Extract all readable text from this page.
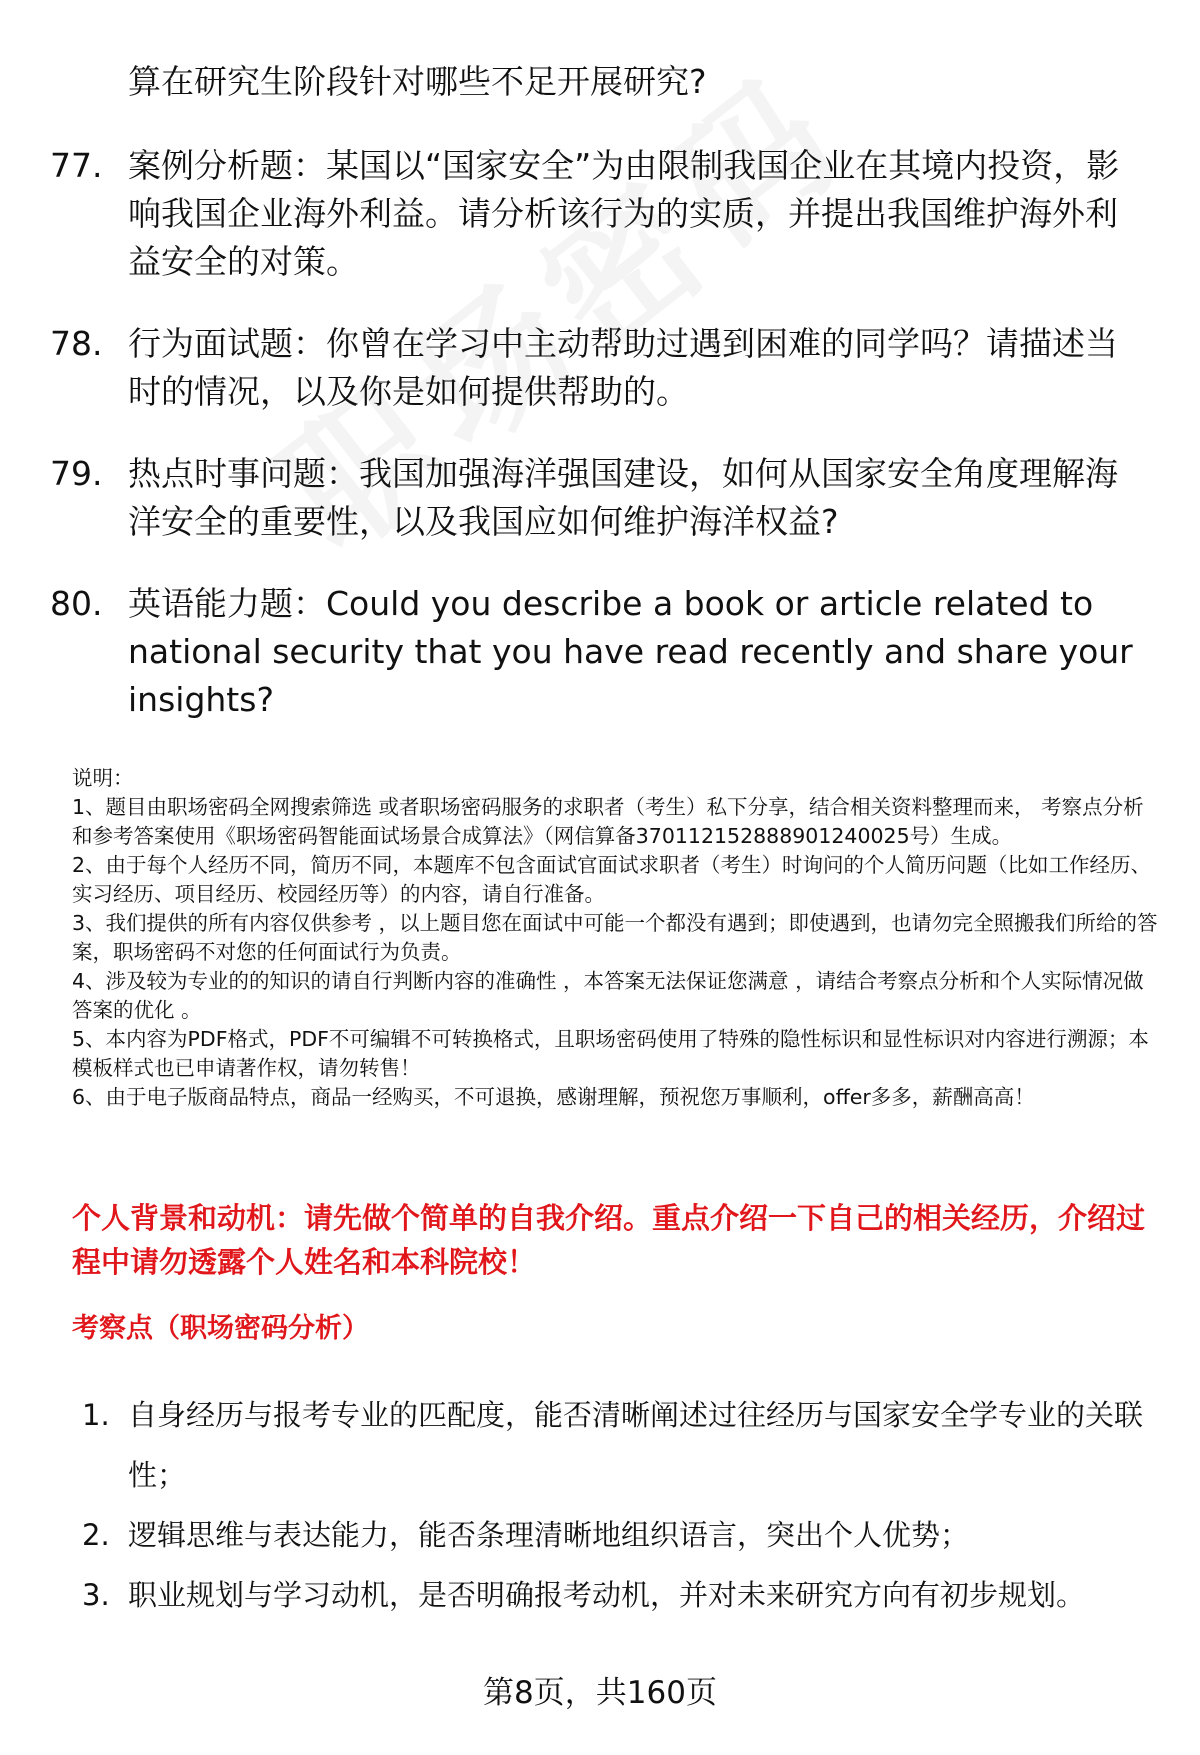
算在研究生阶段针对哪些不足开展研究?
77. 案例分析题：某国以“国家安全”为由限制我国企业在其境内投资，影响我国企业海外利益。请分析该行为的实质，并提出我国维护海外利益安全的对策。
78. 行为面试题：你曾在学习中主动帮助过遇到困难的同学吗？请描述当时的情况，以及你是如何提供帮助的。
79. 热点时事问题：我国加强海洋强国建设，如何从国家安全角度理解海洋安全的重要性，以及我国应如何维护海洋权益?
80. 英语能力题：Could you describe a book or article related to national security that you have read recently and share your insights?
说明：
1、题目由职场密码全网搜索筛选 或者职场密码服务的求职者（考生）私下分享，结合相关资料整理而来， 考察点分析和参考答案使用《职场密码智能面试场景合成算法》（网信算备370112152888901240025号）生成。
2、由于每个人经历不同，简历不同，本题库不包含面试官面试求职者（考生）时询问的个人简历问题（比如工作经历、实习经历、项目经历、校园经历等）的内容，请自行准备。
3、我们提供的所有内容仅供参考 ，以上题目您在面试中可能一个都没有遇到；即使遇到，也请勿完全照搬我们所给的答案，职场密码不对您的任何面试行为负责。
4、涉及较为专业的的知识的请自行判断内容的准确性 ，本答案无法保证您满意 ，请结合考察点分析和个人实际情况做答案的优化 。
5、本内容为PDF格式，PDF不可编辑不可转换格式，且职场密码使用了特殊的隐性标识和显性标识对内容进行溯源；本模板样式也已申请著作权，请勿转售！
6、由于电子版商品特点，商品一经购买，不可退换，感谢理解，预祝您万事顺利，offer多多，薪酬高高！
个人背景和动机：请先做个简单的自我介绍。重点介绍一下自己的相关经历，介绍过程中请勿透露个人姓名和本科院校！
考察点（职场密码分析）
1. 自身经历与报考专业的匹配度，能否清晰阐述过往经历与国家安全学专业的关联性；
2. 逻辑思维与表达能力，能否条理清晰地组织语言，突出个人优势；
3. 职业规划与学习动机，是否明确报考动机，并对未来研究方向有初步规划。
第8页，共160页
